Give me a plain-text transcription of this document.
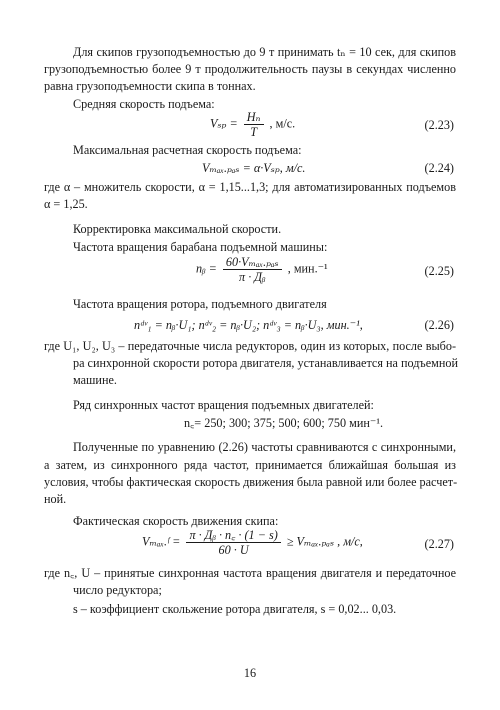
Для скипов грузоподъемностью до 9 т принимать tₙ = 10 сек, для скипов
грузоподъемностью более 9 т продолжительность паузы в секундах численно
равна грузоподъемности скипа в тоннах.
Средняя скорость подъема:
$V_{sp} = \frac{\text{Hₙ}}{T}$ , м/с.	(2.23)
Максимальная расчетная скорость подъема:
Vₘₐₓ.ₚₐₛ = α·Vₛₚ, м/с.	(2.24)
где α – множитель скорости, α = 1,15...1,3; для автоматизированных подъемов
α = 1,25.
Корректировка максимальной скорости.
Частота вращения барабана подъемной машины:
nᵦ = $\frac{\text{60·Vₘₐₓ.ₚₐₛ}}{\text{π · Дᵦ}}$ , мин.⁻¹	(2.25)
Частота вращения ротора, подъемного двигателя
nᵈᵛ₁ = nᵦ·U₁; nᵈᵛ₂ = nᵦ·U₂; nᵈᵛ₃ = nᵦ·U₃, мин.⁻¹,	(2.26)
где U₁, U₂, U₃ – передаточные числа редукторов, один из которых, после выбо-
ра синхронной скорости ротора двигателя, устанавливается на подъемной
машине.
Ряд синхронных частот вращения подъемных двигателей:
n꜀= 250; 300; 375; 500; 600; 750 мин⁻¹.
Полученные по уравнению (2.26) частоты сравниваются с синхронными,
а затем, из синхронного ряда частот, принимается ближайшая большая из
условия, чтобы фактическая скорость движения была равной или более расчет-
ной.
Фактическая скорость движения скипа:
Vₘₐₓ.ᶠ = $\frac{\text{π · Дᵦ · n꜀ · (1 − s)}}{60 \cdot U} \ge V_{max}._{pas}$ , м/с,	(2.27)
где n꜀, U – принятые синхронная частота вращения двигателя и передаточное
число редуктора;
s – коэффициент скольжение ротора двигателя, s = 0,02... 0,03.
16
